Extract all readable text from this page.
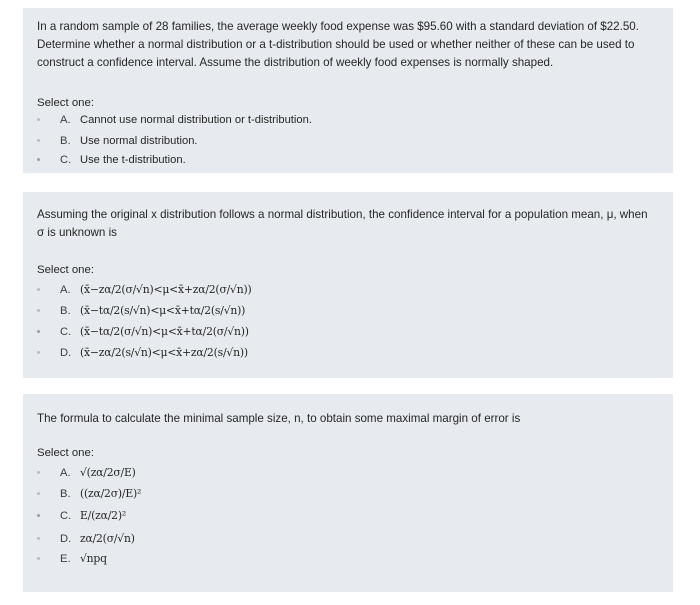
In a random sample of 28 families, the average weekly food expense was $95.60 with a standard deviation of $22.50. Determine whether a normal distribution or a t-distribution should be used or whether neither of these can be used to construct a confidence interval. Assume the distribution of weekly food expenses is normally shaped.

Select one:

A. Cannot use normal distribution or t-distribution.
B. Use normal distribution.
C. Use the t-distribution.

Assuming the original x distribution follows a normal distribution, the confidence interval for a population mean, μ, when σ is unknown is

Select one:

A. (x̄−zα/2(σ/√n)<μ<x̄+zα/2(σ/√n))
B. (x̄−tα/2(s/√n)<μ<x̄+tα/2(s/√n))
C. (x̄−tα/2(σ/√n)<μ<x̄+tα/2(σ/√n))
D. (x̄−zα/2(s/√n)<μ<x̄+zα/2(s/√n))

The formula to calculate the minimal sample size, n, to obtain some maximal margin of error is

Select one:

A. √(zα/2σ/E)
B. ((zα/2σ)/E)²
C. E/(zα/2)²
D. zα/2(σ/√n)
E. √npq
